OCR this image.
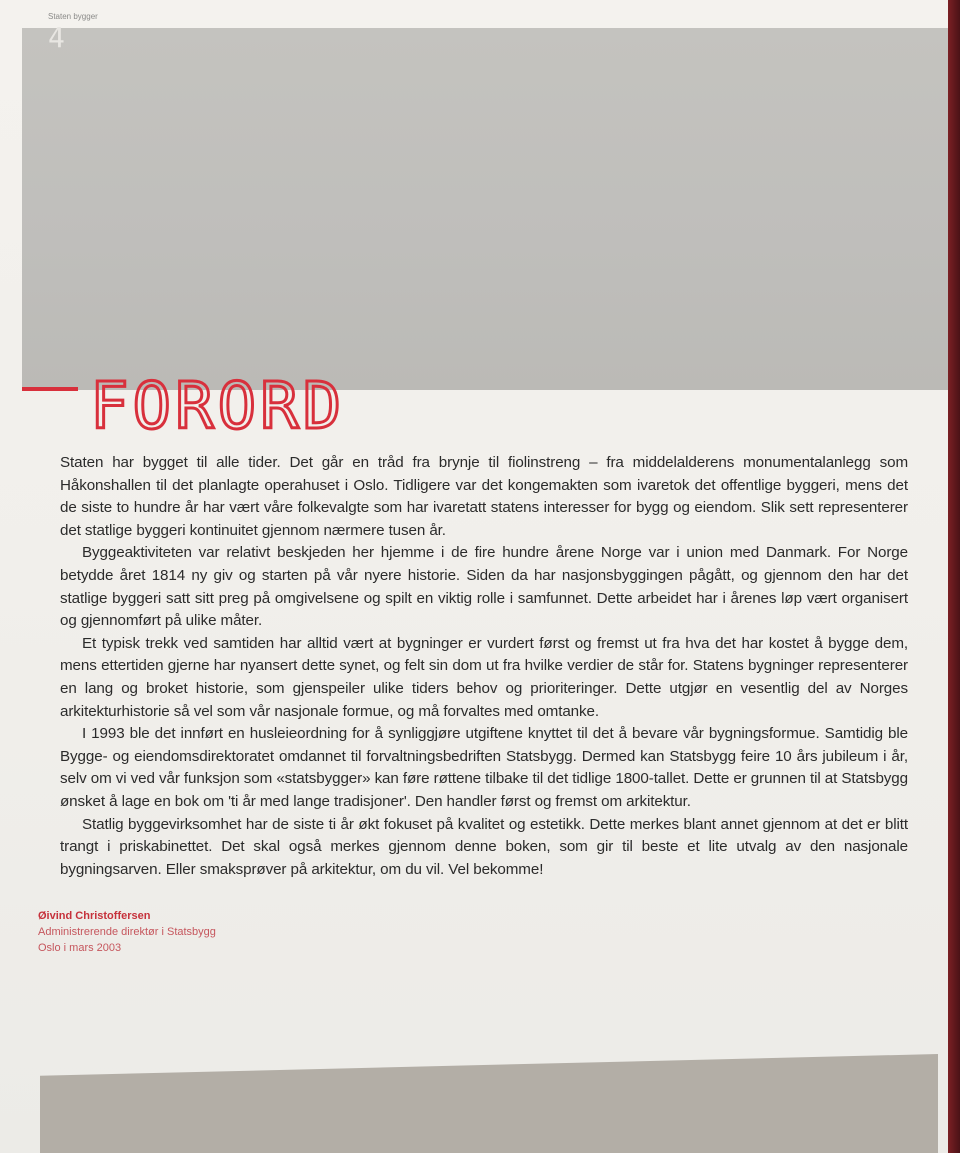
Staten bygger
4
FORORD

Staten har bygget til alle tider. Det går en tråd fra brynje til fiolinstreng – fra middelalderens monumentalanlegg som Håkonshallen til det planlagte operahuset i Oslo. Tidligere var det kongemakten som ivaretok det offentlige byggeri, mens det de siste to hundre år har vært våre folkevalgte som har ivaretatt statens interesser for bygg og eiendom. Slik sett representerer det statlige byggeri kontinuitet gjennom nærmere tusen år.

Byggeaktiviteten var relativt beskjeden her hjemme i de fire hundre årene Norge var i union med Danmark. For Norge betydde året 1814 ny giv og starten på vår nyere historie. Siden da har nasjonsbyggingen pågått, og gjennom den har det statlige byggeri satt sitt preg på omgivelsene og spilt en viktig rolle i samfunnet. Dette arbeidet har i årenes løp vært organisert og gjennomført på ulike måter.

Et typisk trekk ved samtiden har alltid vært at bygninger er vurdert først og fremst ut fra hva det har kostet å bygge dem, mens ettertiden gjerne har nyansert dette synet, og felt sin dom ut fra hvilke verdier de står for. Statens bygninger representerer en lang og broket historie, som gjenspeiler ulike tiders behov og prioriteringer. Dette utgjør en vesentlig del av Norges arkitekturhistorie så vel som vår nasjonale formue, og må forvaltes med omtanke.

I 1993 ble det innført en husleieordning for å synliggjøre utgiftene knyttet til det å bevare vår bygningsformue. Samtidig ble Bygge- og eiendomsdirektoratet omdannet til forvaltningsbedriften Statsbygg. Dermed kan Statsbygg feire 10 års jubileum i år, selv om vi ved vår funksjon som «statsbygger» kan føre røttene tilbake til det tidlige 1800-tallet. Dette er grunnen til at Statsbygg ønsket å lage en bok om 'ti år med lange tradisjoner'. Den handler først og fremst om arkitektur.

Statlig byggevirksomhet har de siste ti år økt fokuset på kvalitet og estetikk. Dette merkes blant annet gjennom at det er blitt trangt i priskabinettet. Det skal også merkes gjennom denne boken, som gir til beste et lite utvalg av den nasjonale bygningsarven. Eller smaksprøver på arkitektur, om du vil. Vel bekomme!

Øivind Christoffersen
Administrerende direktør i Statsbygg
Oslo i mars 2003
